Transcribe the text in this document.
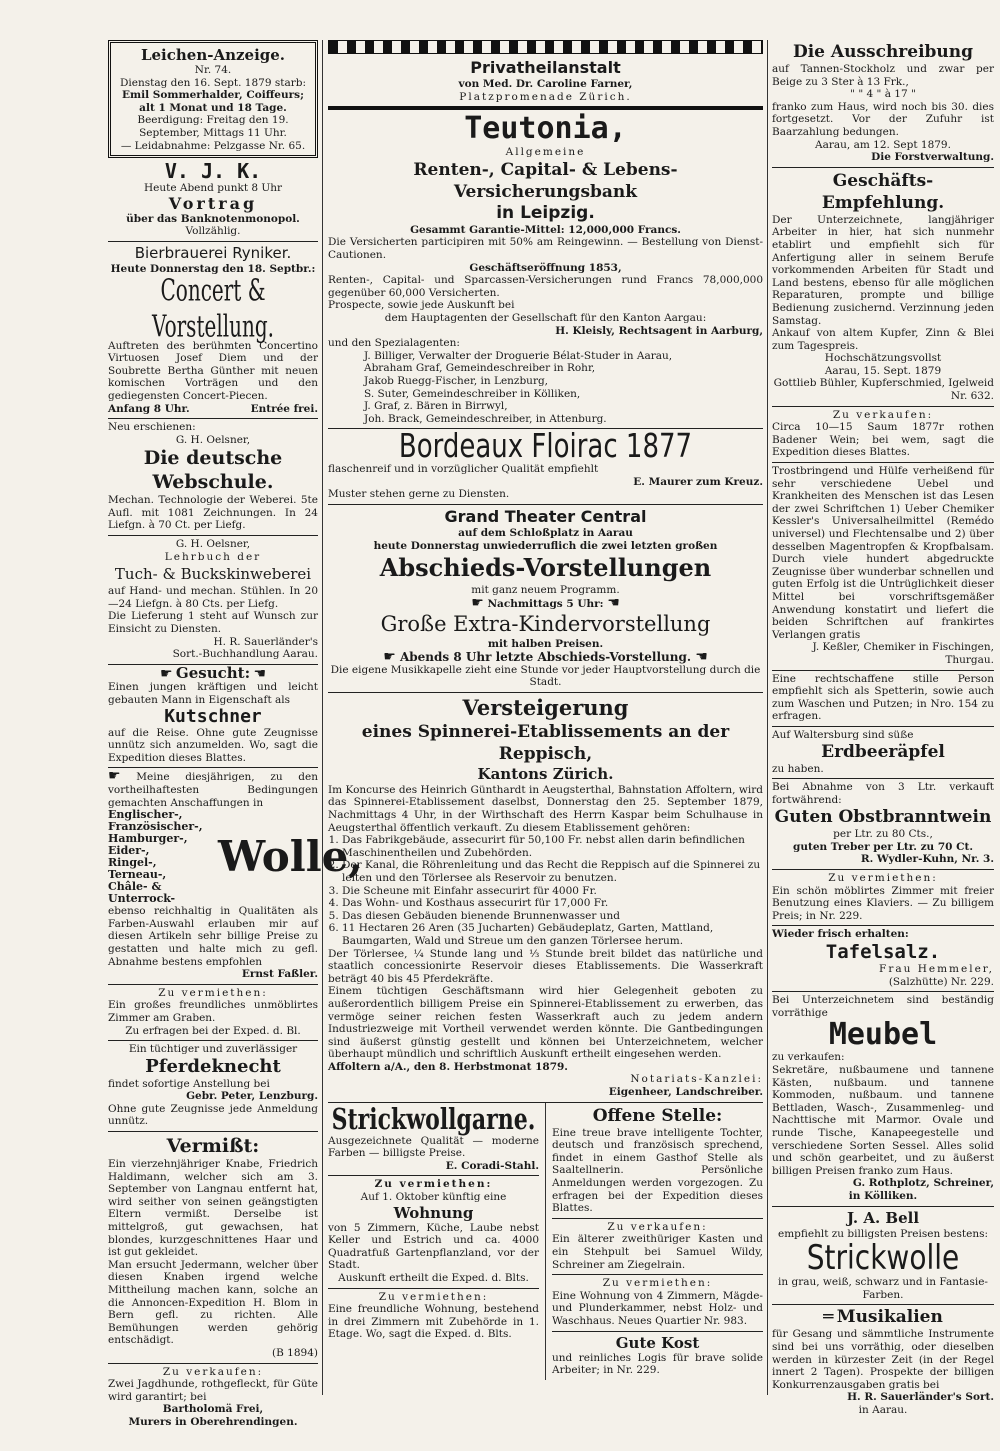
Leichen-Anzeige.

Nr. 74.

Dienstag den 16. Sept. 1879 starb:

Emil Sommerhalder, Coiffeurs; alt 1 Monat und 18 Tage.

Beerdigung: Freitag den 19. September, Mittags 11 Uhr.

— Leidabnahme: Pelzgasse Nr. 65.

V. J. K.

Heute Abend punkt 8 Uhr

Vortrag

über das Banknotenmonopol.

Vollzählig.

Bierbrauerei Ryniker.

Heute Donnerstag den 18. Septbr.:

Concert & Vorstellung.

Auftreten des berühmten Concertino Virtuosen Josef Diem und der Soubrette Bertha Günther mit neuen komischen Vorträgen und den gediegensten Concert-Piecen.

Anfang 8 Uhr.	Entrée frei.

Neu erschienen:

G. H. Oelsner,

Die deutsche Webschule.

Mechan. Technologie der Weberei. 5te Aufl. mit 1081 Zeichnungen. In 24 Liefgn. à 70 Ct. per Liefg.

G. H. Oelsner,

Lehrbuch der

Tuch- & Buckskinweberei

auf Hand- und mechan. Stühlen. In 20—24 Liefgn. à 80 Cts. per Liefg.

Die Lieferung 1 steht auf Wunsch zur Einsicht zu Diensten.

H. R. Sauerländer's

Sort.-Buchhandlung Aarau.

☛ Gesucht: ☚

Einen jungen kräftigen und leicht gebauten Mann in Eigenschaft als

Kutschner

auf die Reise. Ohne gute Zeugnisse unnütz sich anzumelden. Wo, sagt die Expedition dieses Blattes.

☛ Meine diesjährigen, zu den vortheilhaftesten Bedingungen gemachten Anschaffungen in

Englischer-,

Französischer-,

Hamburger-,

Eider-,

Ringel-,

Terneau-,

Châle- &

Unterrock-

Wolle,

ebenso reichhaltig in Qualitäten als Farben-Auswahl erlauben mir auf diesen Artikeln sehr billige Preise zu gestatten und halte mich zu gefl. Abnahme bestens empfohlen

Ernst Faßler.

Zu vermiethen:

Ein großes freundliches unmöblirtes Zimmer am Graben.

Zu erfragen bei der Exped. d. Bl.

Ein tüchtiger und zuverlässiger

Pferdeknecht

findet sofortige Anstellung bei

Gebr. Peter, Lenzburg.

Ohne gute Zeugnisse jede Anmeldung unnütz.

Vermißt:

Ein vierzehnjähriger Knabe, Friedrich Haldimann, welcher sich am 3. September von Langnau entfernt hat, wird seither von seinen geängstigten Eltern vermißt. Derselbe ist mittelgroß, gut gewachsen, hat blondes, kurzgeschnittenes Haar und ist gut gekleidet.

Man ersucht Jedermann, welcher über diesen Knaben irgend welche Mittheilung machen kann, solche an die Annoncen-Expedition H. Blom in Bern gefl. zu richten. Alle Bemühungen werden gehörig entschädigt.

(B 1894)

Zu verkaufen:

Zwei Jagdhunde, rothgefleckt, für Güte wird garantirt; bei

Bartholomä Frei,

Murers in Oberehrendingen.

Privatheilanstalt

von Med. Dr. Caroline Farner,

Platzpromenade Zürich.

Teutonia,

Allgemeine

Renten-, Capital- & Lebens-Versicherungsbank

in Leipzig.

Gesammt Garantie-Mittel: 12,000,000 Francs.

Die Versicherten participiren mit 50% am Reingewinn. — Bestellung von Dienst-Cautionen.

Geschäftseröffnung 1853,

Renten-, Capital- und Sparcassen-Versicherungen rund Francs 78,000,000 gegenüber 60,000 Versicherten.

Prospecte, sowie jede Auskunft bei

dem Hauptagenten der Gesellschaft für den Kanton Aargau:

H. Kleisly, Rechtsagent in Aarburg,

und den Spezialagenten:

J. Billiger, Verwalter der Droguerie Bélat-Studer in Aarau,

Abraham Graf, Gemeindeschreiber in Rohr,

Jakob Ruegg-Fischer, in Lenzburg,

S. Suter, Gemeindeschreiber in Kölliken,

J. Graf, z. Bären in Birrwyl,

Joh. Brack, Gemeindeschreiber, in Attenburg.

Bordeaux Floirac 1877

flaschenreif und in vorzüglicher Qualität empfiehlt

E. Maurer zum Kreuz.

Muster stehen gerne zu Diensten.

Grand Theater Central

auf dem Schloßplatz in Aarau

heute Donnerstag unwiederruflich die zwei letzten großen

Abschieds-Vorstellungen

mit ganz neuem Programm.

☛ Nachmittags 5 Uhr: ☚

Große Extra-Kindervorstellung

mit halben Preisen.

☛ Abends 8 Uhr letzte Abschieds-Vorstellung. ☚

Die eigene Musikkapelle zieht eine Stunde vor jeder Hauptvorstellung durch die Stadt.

Versteigerung

eines Spinnerei-Etablissements an der Reppisch,

Kantons Zürich.

Im Koncurse des Heinrich Günthardt in Aeugsterthal, Bahnstation Affoltern, wird das Spinnerei-Etablissement daselbst, Donnerstag den 25. September 1879, Nachmittags 4 Uhr, in der Wirthschaft des Herrn Kaspar beim Schulhause in Aeugsterthal öffentlich verkauft. Zu diesem Etablissement gehören:

1. Das Fabrikgebäude, assecurirt für 50,100 Fr. nebst allen darin befindlichen Maschinentheilen und Zubehörden.
2. Der Kanal, die Röhrenleitung und das Recht die Reppisch auf die Spinnerei zu leiten und den Törlersee als Reservoir zu benutzen.
3. Die Scheune mit Einfahr assecurirt für 4000 Fr.
4. Das Wohn- und Kosthaus assecurirt für 17,000 Fr.
5. Das diesen Gebäuden bienende Brunnenwasser und
6. 11 Hectaren 26 Aren (35 Jucharten) Gebäudeplatz, Garten, Mattland, Baumgarten, Wald und Streue um den ganzen Törlersee herum.

Der Törlersee, ¼ Stunde lang und ⅓ Stunde breit bildet das natürliche und staatlich concessionirte Reservoir dieses Etablissements. Die Wasserkraft beträgt 40 bis 45 Pferdekräfte.

Einem tüchtigen Geschäftsmann wird hier Gelegenheit geboten zu außerordentlich billigem Preise ein Spinnerei-Etablissement zu erwerben, das vermöge seiner reichen festen Wasserkraft auch zu jedem andern Industriezweige mit Vortheil verwendet werden könnte. Die Gantbedingungen sind äußerst günstig gestellt und können bei Unterzeichnetem, welcher überhaupt mündlich und schriftlich Auskunft ertheilt eingesehen werden.

Affoltern a/A., den 8. Herbstmonat 1879.

Notariats-Kanzlei:

Eigenheer, Landschreiber.

Strickwollgarne.

Ausgezeichnete Qualität — moderne Farben — billigste Preise.

E. Coradi-Stahl.

Zu vermiethen:

Auf 1. Oktober künftig eine

Wohnung

von 5 Zimmern, Küche, Laube nebst Keller und Estrich und ca. 4000 Quadratfuß Gartenpflanzland, vor der Stadt.

Auskunft ertheilt die Exped. d. Blts.

Zu vermiethen:

Eine freundliche Wohnung, bestehend in drei Zimmern mit Zubehörde in 1. Etage. Wo, sagt die Exped. d. Blts.

Offene Stelle:

Eine treue brave intelligente Tochter, deutsch und französisch sprechend, findet in einem Gasthof Stelle als Saaltellnerin. Persönliche Anmeldungen werden vorgezogen. Zu erfragen bei der Expedition dieses Blattes.

Zu verkaufen:

Ein älterer zweithüriger Kasten und ein Stehpult bei Samuel Wildy, Schreiner am Ziegelrain.

Zu vermiethen:

Eine Wohnung von 4 Zimmern, Mägde- und Plunderkammer, nebst Holz- und Waschhaus. Neues Quartier Nr. 983.

Gute Kost

und reinliches Logis für brave solide Arbeiter; in Nr. 229.

Die Ausschreibung

auf Tannen-Stockholz und zwar per Beige zu 3 Ster à 13 Frk.,

" " 4 " à 17 "

franko zum Haus, wird noch bis 30. dies fortgesetzt. Vor der Zufuhr ist Baarzahlung bedungen.

Aarau, am 12. Sept 1879.

Die Forstverwaltung.

Geschäfts-Empfehlung.

Der Unterzeichnete, langjähriger Arbeiter in hier, hat sich nunmehr etablirt und empfiehlt sich für Anfertigung aller in seinem Berufe vorkommenden Arbeiten für Stadt und Land bestens, ebenso für alle möglichen Reparaturen, prompte und billige Bedienung zusichernd. Verzinnung jeden Samstag.

Ankauf von altem Kupfer, Zinn & Blei zum Tagespreis.

Hochschätzungsvollst

Aarau, 15. Sept. 1879

Gottlieb Bühler, Kupferschmied, Igelweid Nr. 632.

Zu verkaufen:

Circa 10—15 Saum 1877r rothen Badener Wein; bei wem, sagt die Expedition dieses Blattes.

Trostbringend und Hülfe verheißend für sehr verschiedene Uebel und Krankheiten des Menschen ist das Lesen der zwei Schriftchen 1) Ueber Chemiker Kessler's Universalheilmittel (Remédo universel) und Flechtensalbe und 2) über desselben Magentropfen & Kropfbalsam. Durch viele hundert abgedruckte Zeugnisse über wunderbar schnellen und guten Erfolg ist die Untrüglichkeit dieser Mittel bei vorschriftsgemäßer Anwendung konstatirt und liefert die beiden Schriftchen auf frankirtes Verlangen gratis

J. Keßler, Chemiker in Fischingen, Thurgau.

Eine rechtschaffene stille Person empfiehlt sich als Spetterin, sowie auch zum Waschen und Putzen; in Nro. 154 zu erfragen.

Auf Waltersburg sind süße

Erdbeeräpfel

zu haben.

Bei Abnahme von 3 Ltr. verkauft fortwährend:

Guten Obstbranntwein

per Ltr. zu 80 Cts.,

guten Treber per Ltr. zu 70 Ct.

R. Wydler-Kuhn, Nr. 3.

Zu vermiethen:

Ein schön möblirtes Zimmer mit freier Benutzung eines Klaviers. — Zu billigem Preis; in Nr. 229.

Wieder frisch erhalten:

Tafelsalz.

Frau Hemmeler,

(Salzhütte) Nr. 229.

Bei Unterzeichnetem sind beständig vorräthige

Meubel

zu verkaufen:

Sekretäre, nußbaumene und tannene Kästen, nußbaum. und tannene Kommoden, nußbaum. und tannene Bettladen, Wasch-, Zusammenleg- und Nachttische mit Marmor. Ovale und runde Tische, Kanapeegestelle und verschiedene Sorten Sessel. Alles solid und schön gearbeitet, und zu äußerst billigen Preisen franko zum Haus.

G. Rothplotz, Schreiner,

in Kölliken.

J. A. Bell

empfiehlt zu billigsten Preisen bestens:

Strickwolle

in grau, weiß, schwarz und in Fantasie-Farben.

═ Musikalien

für Gesang und sämmtliche Instrumente sind bei uns vorräthig, oder dieselben werden in kürzester Zeit (in der Regel innert 2 Tagen). Prospekte der billigen Konkurrenzausgaben gratis bei

H. R. Sauerländer's Sort.

in Aarau.
